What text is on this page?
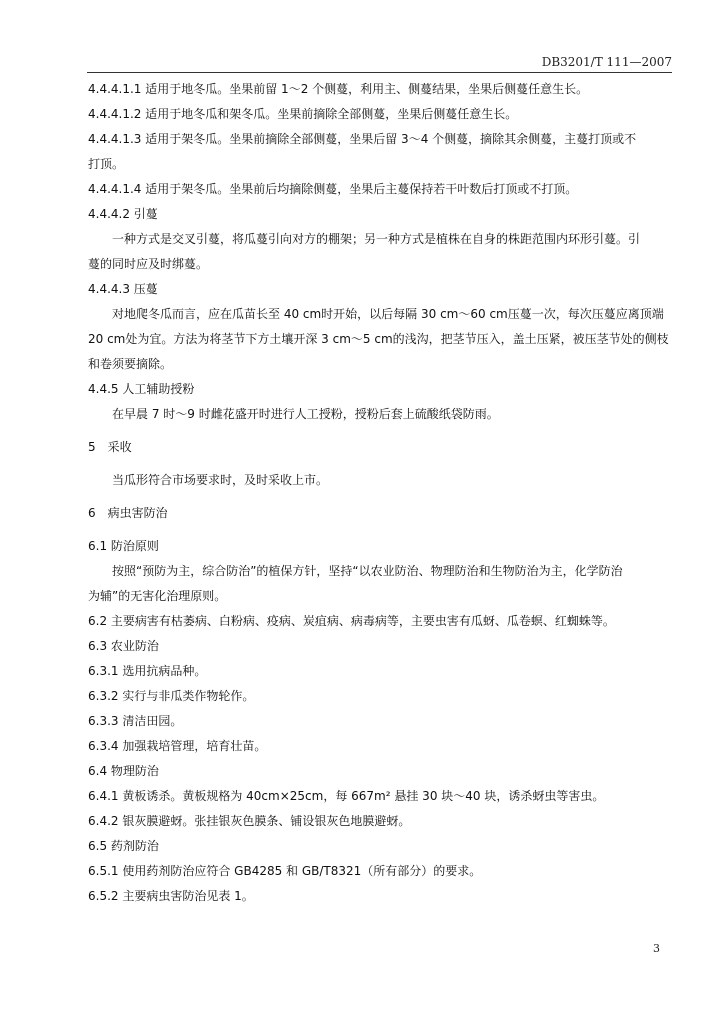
DB3201/T 111—2007
4.4.4.1.1 适用于地冬瓜。坐果前留 1～2 个侧蔓，利用主、侧蔓结果，坐果后侧蔓任意生长。
4.4.4.1.2 适用于地冬瓜和架冬瓜。坐果前摘除全部侧蔓，坐果后侧蔓任意生长。
4.4.4.1.3 适用于架冬瓜。坐果前摘除全部侧蔓，坐果后留 3～4 个侧蔓，摘除其余侧蔓，主蔓打顶或不
打顶。
4.4.4.1.4 适用于架冬瓜。坐果前后均摘除侧蔓，坐果后主蔓保持若干叶数后打顶或不打顶。
4.4.4.2 引蔓
一种方式是交叉引蔓，将瓜蔓引向对方的棚架；另一种方式是植株在自身的株距范围内环形引蔓。引
蔓的同时应及时绑蔓。
4.4.4.3 压蔓
对地爬冬瓜而言，应在瓜苗长至 40 cm时开始，以后每隔 30 cm～60 cm压蔓一次，每次压蔓应离顶端
20 cm处为宜。方法为将茎节下方土壤开深 3 cm～5 cm的浅沟，把茎节压入，盖土压紧，被压茎节处的侧枝
和卷须要摘除。
4.4.5 人工辅助授粉
在早晨 7 时～9 时雌花盛开时进行人工授粉，授粉后套上硫酸纸袋防雨。
5　采收
当瓜形符合市场要求时，及时采收上市。
6　病虫害防治
6.1 防治原则
按照“预防为主，综合防治”的植保方针，坚持“以农业防治、物理防治和生物防治为主，化学防治
为辅”的无害化治理原则。
6.2 主要病害有枯萎病、白粉病、疫病、炭疽病、病毒病等，主要虫害有瓜蚜、瓜卷螟、红蜘蛛等。
6.3 农业防治
6.3.1 选用抗病品种。
6.3.2 实行与非瓜类作物轮作。
6.3.3 清洁田园。
6.3.4 加强栽培管理，培育壮苗。
6.4 物理防治
6.4.1 黄板诱杀。黄板规格为 40cm×25cm，每 667m² 悬挂 30 块～40 块，诱杀蚜虫等害虫。
6.4.2 银灰膜避蚜。张挂银灰色膜条、铺设银灰色地膜避蚜。
6.5 药剂防治
6.5.1 使用药剂防治应符合 GB4285 和 GB/T8321（所有部分）的要求。
6.5.2 主要病虫害防治见表 1。
3
